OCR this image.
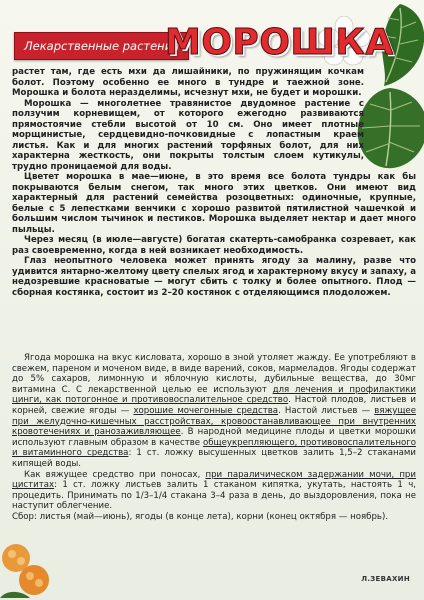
Лекарственные растения
МОРОШКА

растет там, где есть мхи да лишайники, по пружинящим кочкам болот. Поэтому особенно ее много в тундре и таежной зоне. Морошка и болота неразделимы, исчезнут мхи, не будет и морошки.

Морошка — многолетнее травянистое двудомное растение с ползучим корневищем, от которого ежегодно развиваются прямостоячие стебли высотой от 10 см. Оно имеет плотные морщинистые, сердцевидно-почковидные с лопастным краем листья. Как и для многих растений торфяных болот, для них характерна жесткость, они покрыты толстым слоем кутикулы, трудно проницаемой для воды.

Цветет морошка в мае—июне, в это время все болота тундры как бы покрываются белым снегом, так много этих цветков. Они имеют вид характерный для растений семейства розоцветных: одиночные, крупные, белые с 5 лепестками венчики с хорошо развитой пятилистной чашечкой и большим числом тычинок и пестиков. Морошка выделяет нектар и дает много пыльцы.

Через месяц (в июле—августе) богатая скатерть-самобранка созревает, как раз своевременно, когда в ней возникает необходимость.

Глаз неопытного человека может принять ягоду за малину, разве что удивится янтарно-желтому цвету спелых ягод и характерному вкусу и запаху, а недозревшие красноватые — могут сбить с толку и более опытного. Плод — сборная костянка, состоит из 2–20 костянок с отделяющимся плодоложем.

Ягода морошка на вкус кисловата, хорошо в зной утоляет жажду. Ее употребляют в свежем, пареном и моченом виде, в виде варений, соков, мармеладов. Ягоды содержат до 5% сахаров, лимонную и яблочную кислоты, дубильные вещества, до 30мг витамина С. С лекарственной целью ее используют для лечения и профилактики цинги, как потогонное и противовоспалительное средство. Настой плодов, листьев и корней, свежие ягоды — хорошие мочегонные средства. Настой листьев — вяжущее при желудочно-кишечных расстройствах, кровоостанавливающее при внутренних кровотечениях и ранозаживляющее. В народной медицине плоды и цветки морошки используют главным образом в качестве общеукрепляющего, противовоспалительного и витаминного средства: 1 ст. ложку высушенных цветков залить 1,5–2 стаканами кипящей воды.

Как вяжущее средство при поносах, при параличическом задержании мочи, при циститах: 1 ст. ложку листьев залить 1 стаканом кипятка, укутать, настоять 1 ч, процедить. Принимать по 1/3–1/4 стакана 3–4 раза в день, до выздоровления, пока не наступит облегчение.

Сбор: листья (май—июнь), ягоды (в конце лета), корни (конец октября — ноябрь).

Л.ЗЕВАХИН
